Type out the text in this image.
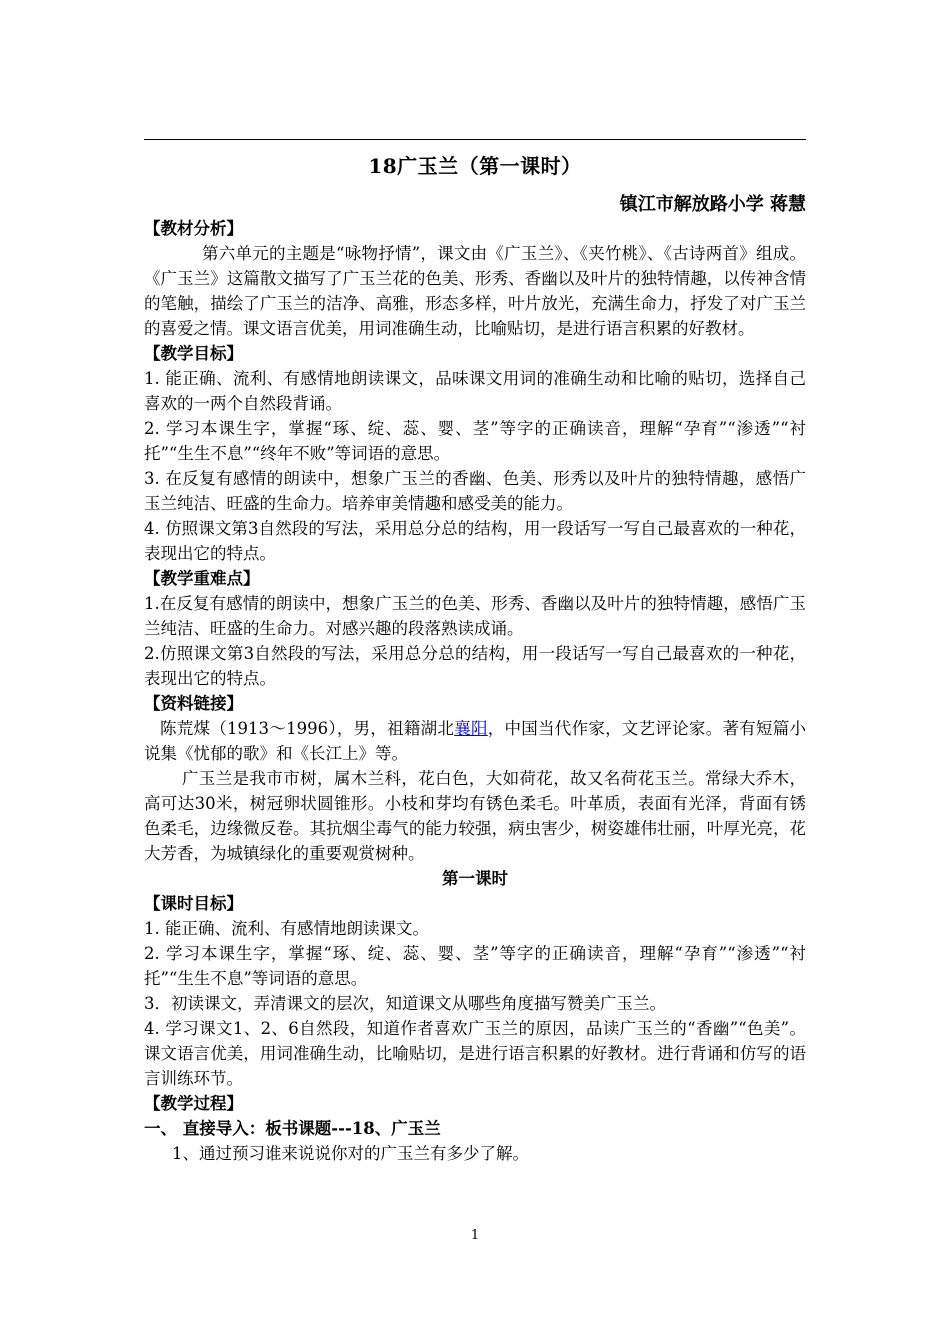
18广玉兰（第一课时）
镇江市解放路小学 蒋慧
【教材分析】

第六单元的主题是“咏物抒情”，课文由《广玉兰》、《夹竹桃》、《古诗两首》组成。《广玉兰》这篇散文描写了广玉兰花的色美、形秀、香幽以及叶片的独特情趣，以传神含情的笔触，描绘了广玉兰的洁净、高雅，形态多样，叶片放光，充满生命力，抒发了对广玉兰的喜爱之情。课文语言优美，用词准确生动，比喻贴切，是进行语言积累的好教材。

【教学目标】

1. 能正确、流利、有感情地朗读课文，品味课文用词的准确生动和比喻的贴切，选择自己喜欢的一两个自然段背诵。

2. 学习本课生字，掌握“琢、绽、蕊、婴、茎”等字的正确读音，理解“孕育”“渗透”“衬托”“生生不息”“终年不败”等词语的意思。

3. 在反复有感情的朗读中，想象广玉兰的香幽、色美、形秀以及叶片的独特情趣，感悟广玉兰纯洁、旺盛的生命力。培养审美情趣和感受美的能力。

4. 仿照课文第3自然段的写法，采用总分总的结构，用一段话写一写自己最喜欢的一种花，表现出它的特点。

【教学重难点】

1.在反复有感情的朗读中，想象广玉兰的色美、形秀、香幽以及叶片的独特情趣，感悟广玉兰纯洁、旺盛的生命力。对感兴趣的段落熟读成诵。

2.仿照课文第3自然段的写法，采用总分总的结构，用一段话写一写自己最喜欢的一种花，表现出它的特点。

【资料链接】

陈荒煤（1913～1996），男，祖籍湖北襄阳，中国当代作家，文艺评论家。著有短篇小说集《忧郁的歌》和《长江上》等。

广玉兰是我市市树，属木兰科，花白色，大如荷花，故又名荷花玉兰。常绿大乔木，高可达30米，树冠卵状圆锥形。小枝和芽均有锈色柔毛。叶革质，表面有光泽，背面有锈色柔毛，边缘微反卷。其抗烟尘毒气的能力较强，病虫害少，树姿雄伟壮丽，叶厚光亮，花大芳香，为城镇绿化的重要观赏树种。

第一课时
【课时目标】

1. 能正确、流利、有感情地朗读课文。

2. 学习本课生字，掌握“琢、绽、蕊、婴、茎”等字的正确读音，理解“孕育”“渗透”“衬托”“生生不息”等词语的意思。

3．初读课文，弄清课文的层次，知道课文从哪些角度描写赞美广玉兰。

4. 学习课文1、2、6自然段，知道作者喜欢广玉兰的原因，品读广玉兰的“香幽”“色美”。课文语言优美，用词准确生动，比喻贴切，是进行语言积累的好教材。进行背诵和仿写的语言训练环节。

【教学过程】
一、 直接导入：板书课题---18、广玉兰

1、通过预习谁来说说你对的广玉兰有多少了解。

1
